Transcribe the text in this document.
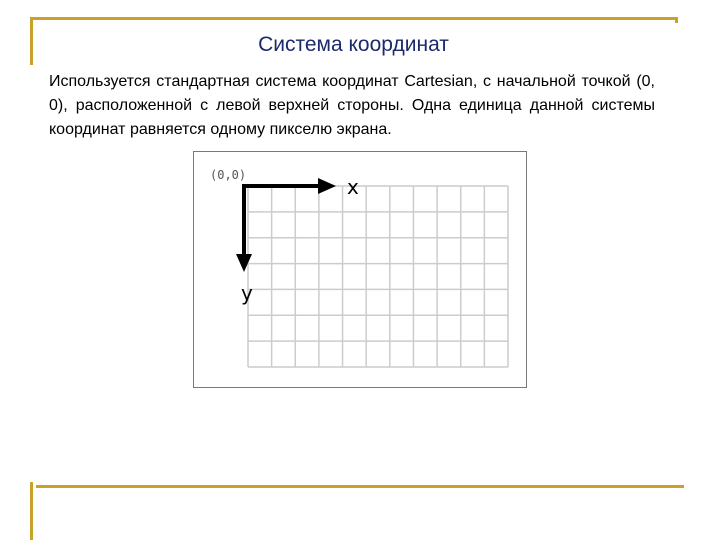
Система координат
Используется стандартная система координат Cartesian, с начальной точкой (0, 0), расположенной с левой верхней стороны. Одна единица данной системы координат равняется одному пикселю экрана.
(0,0)	x
y
